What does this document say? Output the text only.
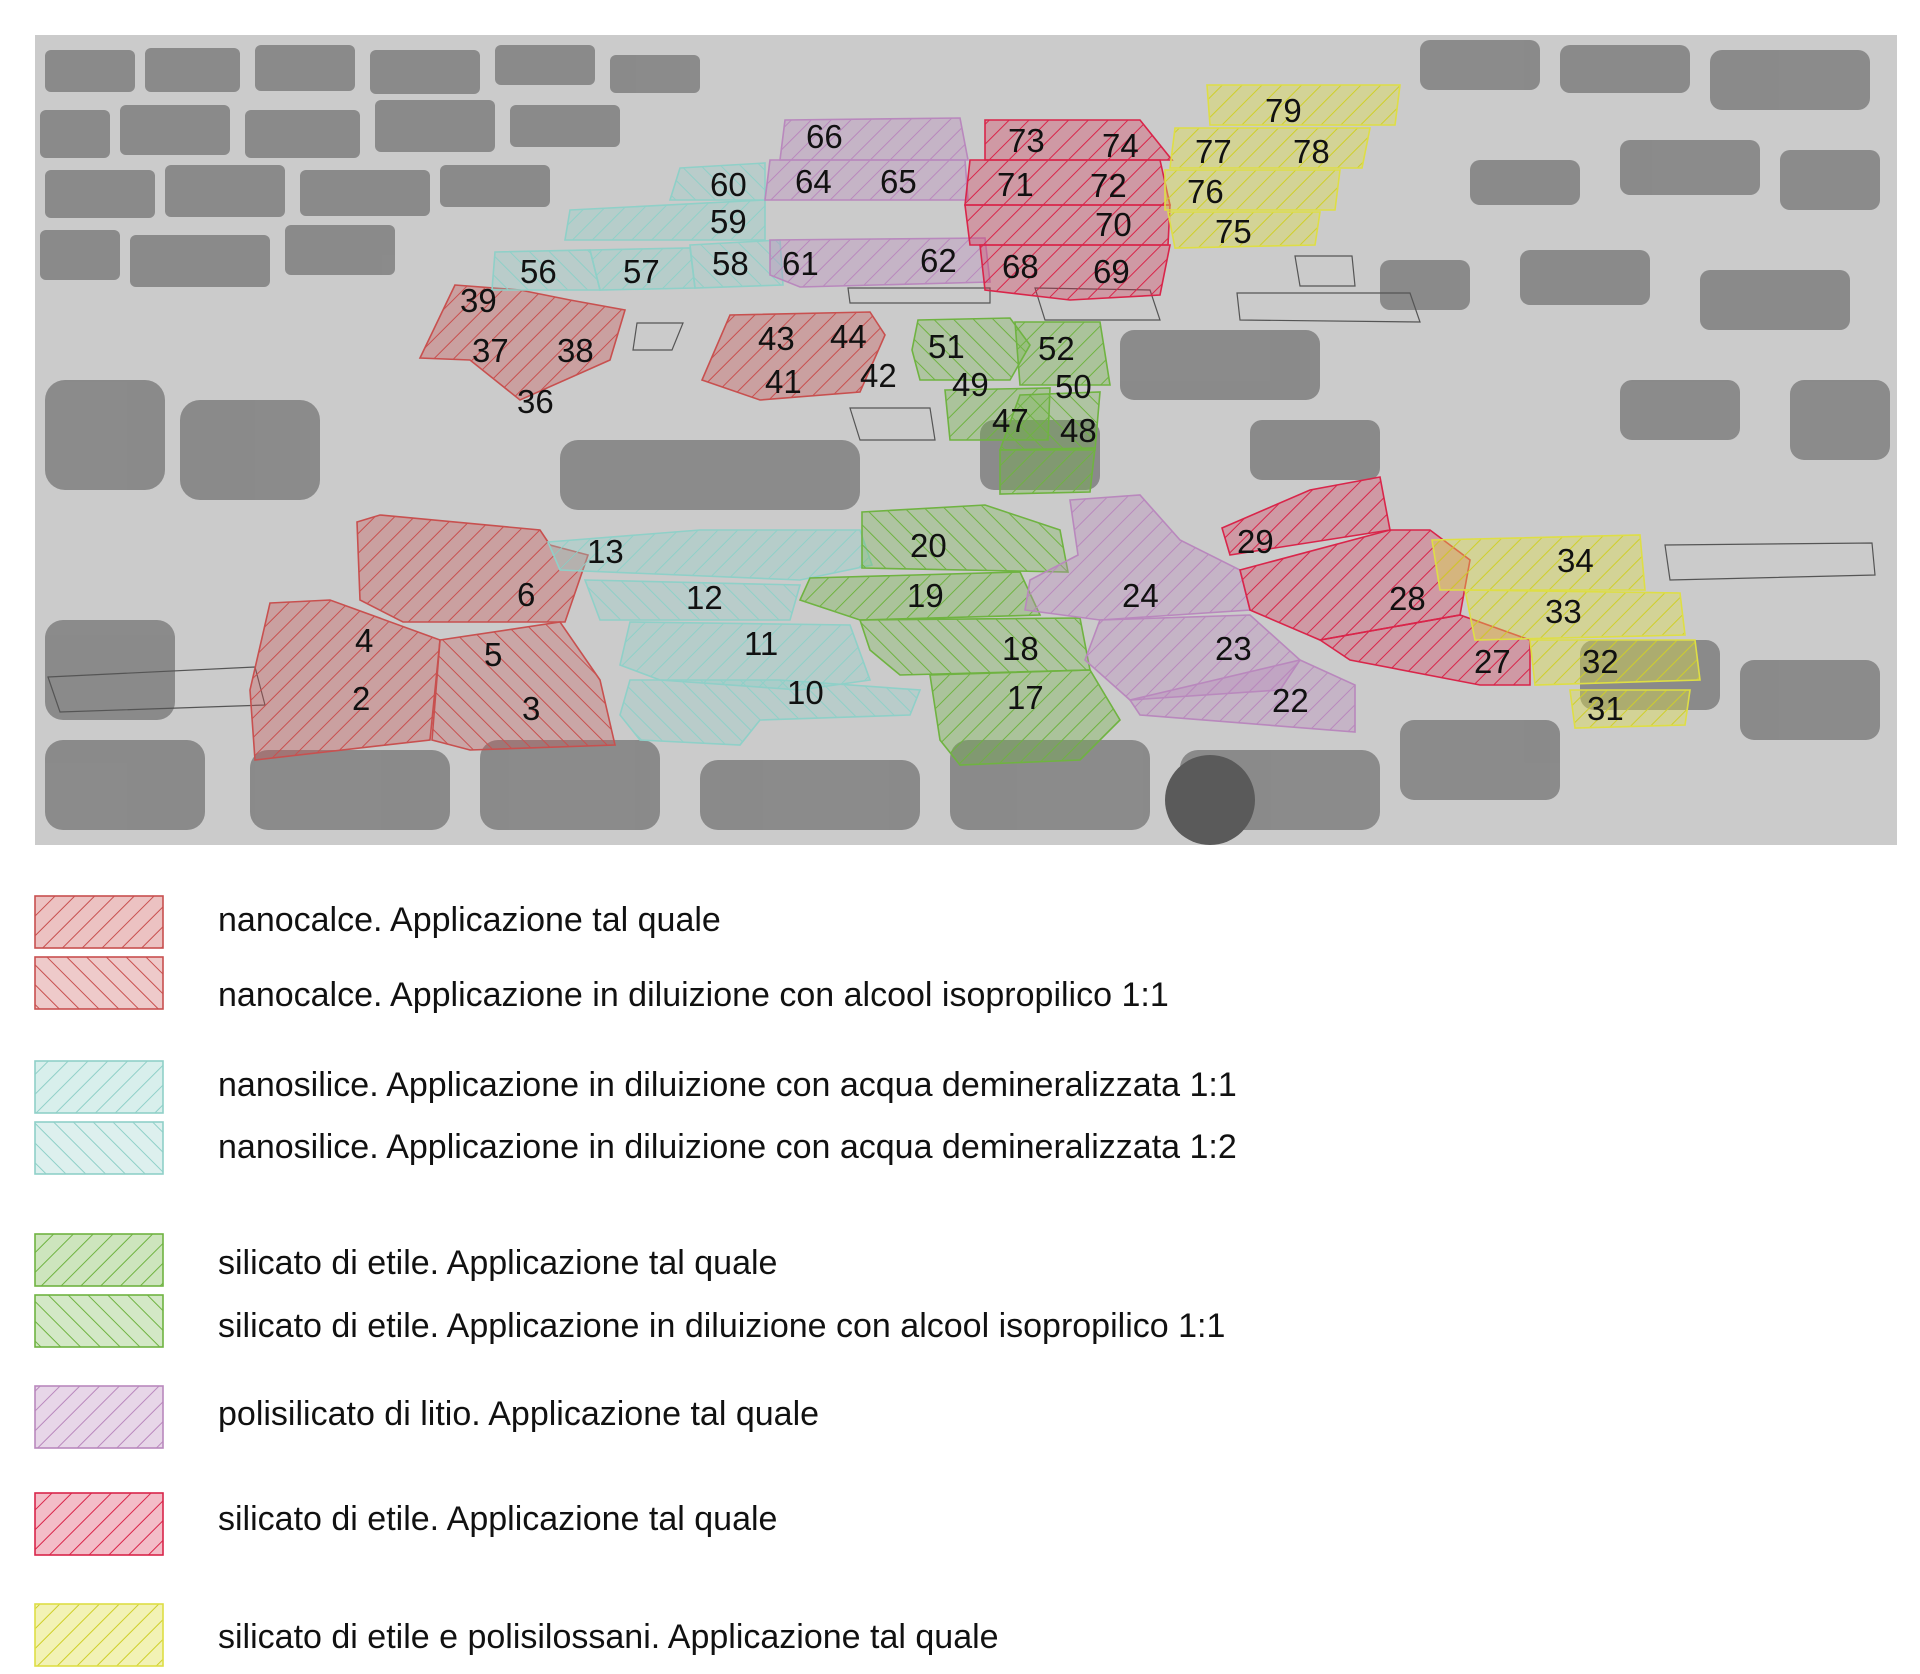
2	3
4	5
6
10
11
12
13
17
18
19
20
22
23
24
27
28
29
31
32
33
34
36
37 38
39
41 42
43 44
47 48
49 50
51 52
56 57 58
59
60
61	62
64 65
66
68 69
70
71 72
73 74
75
76
77 78
79
nanocalce. Applicazione tal quale
nanocalce. Applicazione in diluizione con alcool isopropilico 1:1
nanosilice. Applicazione in diluizione con acqua demineralizzata 1:1
nanosilice. Applicazione in diluizione con acqua demineralizzata 1:2
silicato di etile. Applicazione tal quale
silicato di etile. Applicazione in diluizione con alcool isopropilico 1:1
polisilicato di litio. Applicazione tal quale
silicato di etile. Applicazione tal quale
silicato di etile e polisilossani. Applicazione tal quale
